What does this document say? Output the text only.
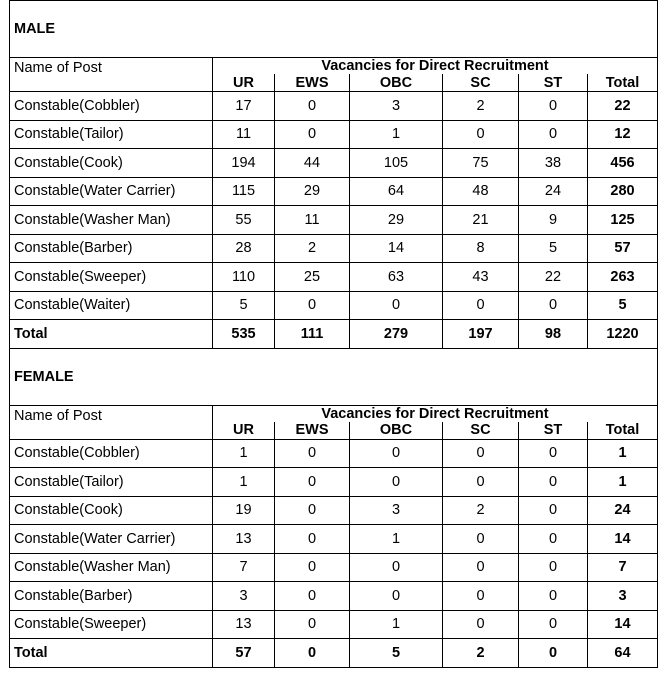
MALE						
Name of Post	Vacancies for Direct Recruitment					
	UR	EWS	OBC	SC	ST	Total
Constable(Cobbler)	17	0	3	2	0	22
Constable(Tailor)	11	0	1	0	0	12
Constable(Cook)	194	44	105	75	38	456
Constable(Water Carrier)	115	29	64	48	24	280
Constable(Washer Man)	55	11	29	21	9	125
Constable(Barber)	28	2	14	8	5	57
Constable(Sweeper)	110	25	63	43	22	263
Constable(Waiter)	5	0	0	0	0	5
Total	535	111	279	197	98	1220
FEMALE						
Name of Post	Vacancies for Direct Recruitment					
	UR	EWS	OBC	SC	ST	Total
Constable(Cobbler)	1	0	0	0	0	1
Constable(Tailor)	1	0	0	0	0	1
Constable(Cook)	19	0	3	2	0	24
Constable(Water Carrier)	13	0	1	0	0	14
Constable(Washer Man)	7	0	0	0	0	7
Constable(Barber)	3	0	0	0	0	3
Constable(Sweeper)	13	0	1	0	0	14
Total	57	0	5	2	0	64
